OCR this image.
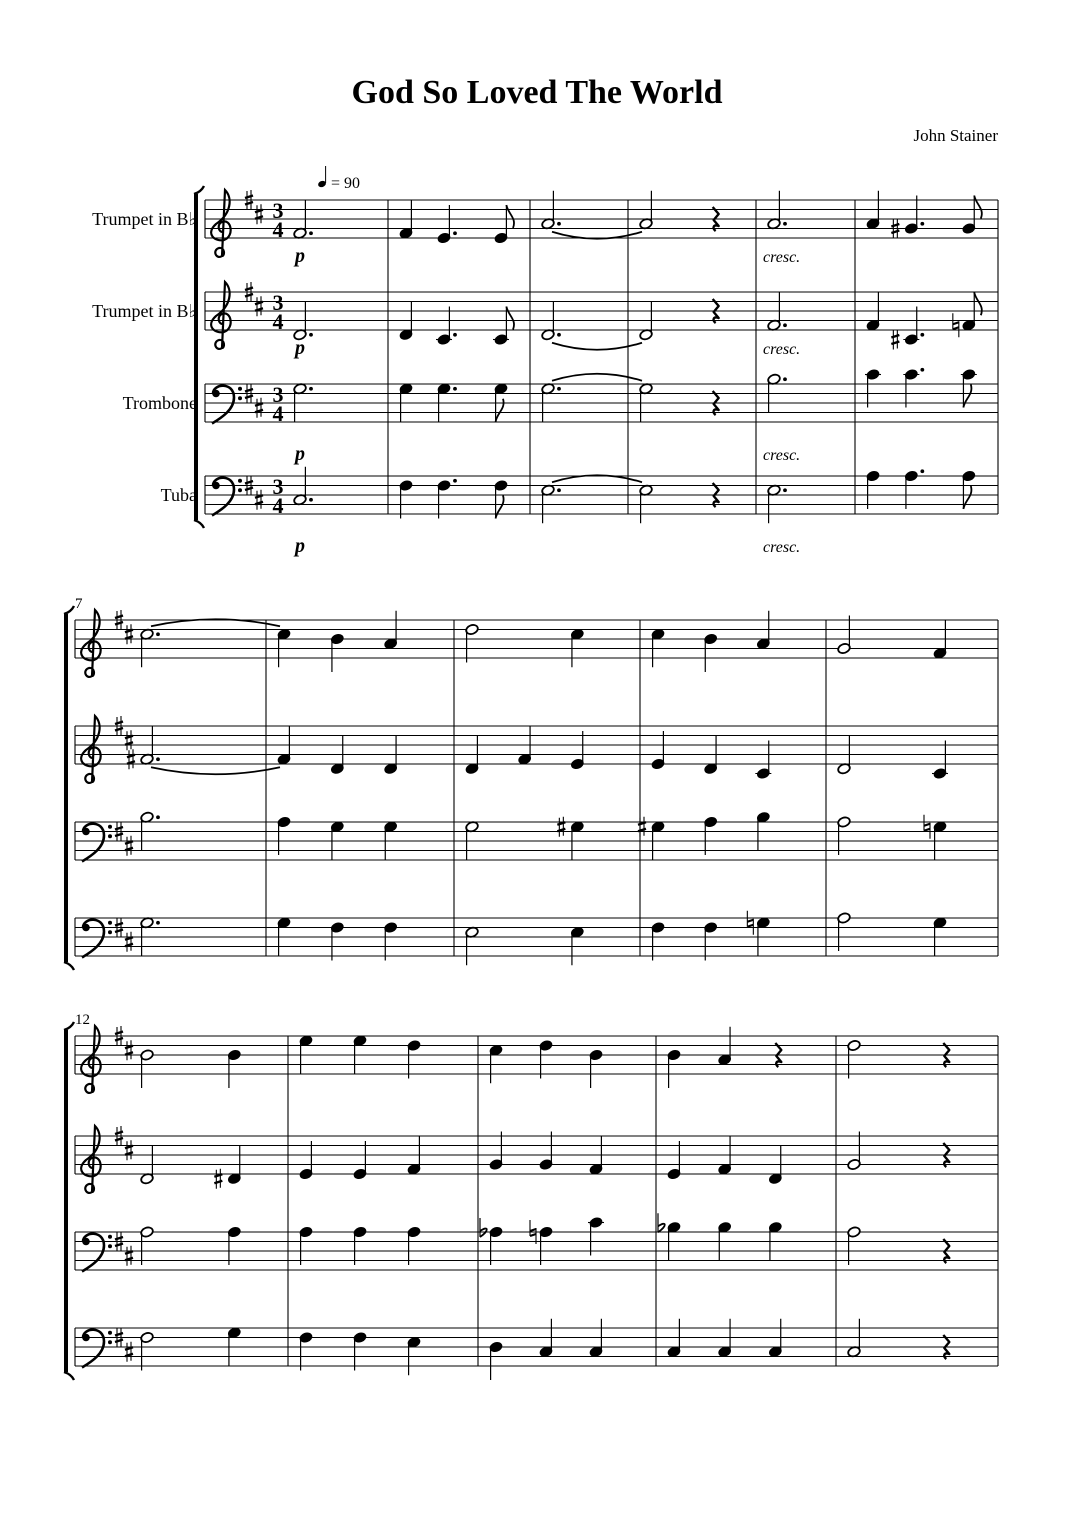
God So Loved The World
John Stainer
= 90
Trumpet in B♭	3
4
p	cresc.
Trumpet in B♭	3
4
p	cresc.
Trombone	3
4
p	cresc.
Tuba	3
4
p	cresc.
7
12
